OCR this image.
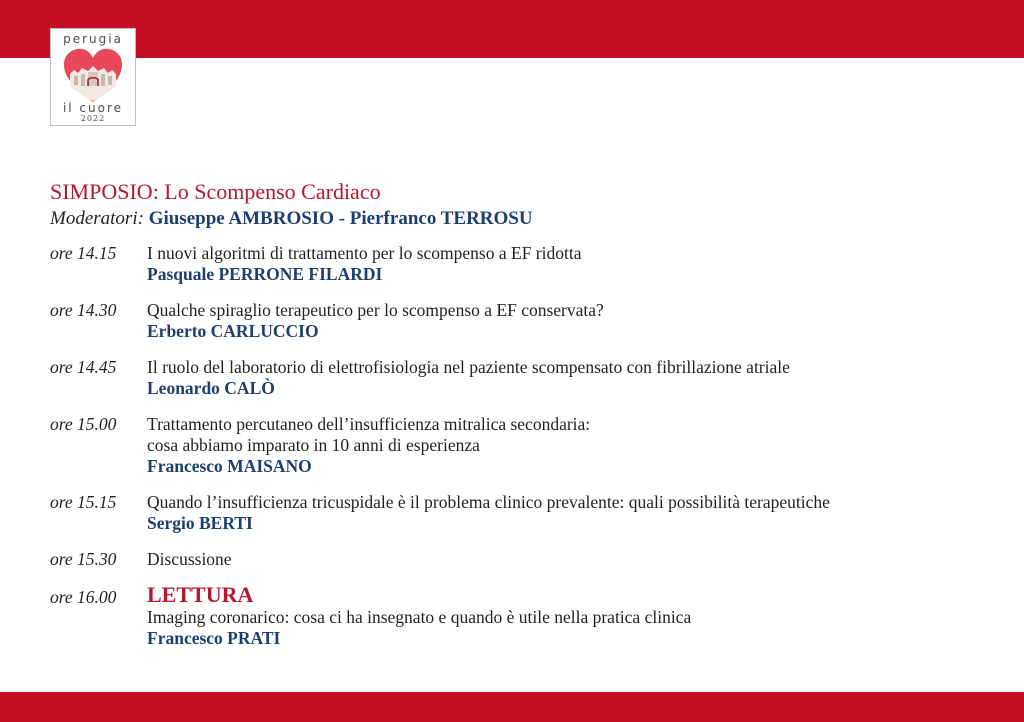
perugia
il cuore
2022
SIMPOSIO: Lo Scompenso Cardiaco
Moderatori: Giuseppe AMBROSIO - Pierfranco TERROSU
ore 14.15	I nuovi algoritmi di trattamento per lo scompenso a EF ridotta
Pasquale PERRONE FILARDI
ore 14.30	Qualche spiraglio terapeutico per lo scompenso a EF conservata?
Erberto CARLUCCIO
ore 14.45	Il ruolo del laboratorio di elettrofisiologia nel paziente scompensato con fibrillazione atriale
Leonardo CALÒ
ore 15.00	Trattamento percutaneo dell’insufficienza mitralica secondaria:
cosa abbiamo imparato in 10 anni di esperienza
Francesco MAISANO
ore 15.15	Quando l’insufficienza tricuspidale è il problema clinico prevalente: quali possibilità terapeutiche
Sergio BERTI
ore 15.30	Discussione
ore 16.00	LETTURA
Imaging coronarico: cosa ci ha insegnato e quando è utile nella pratica clinica
Francesco PRATI
